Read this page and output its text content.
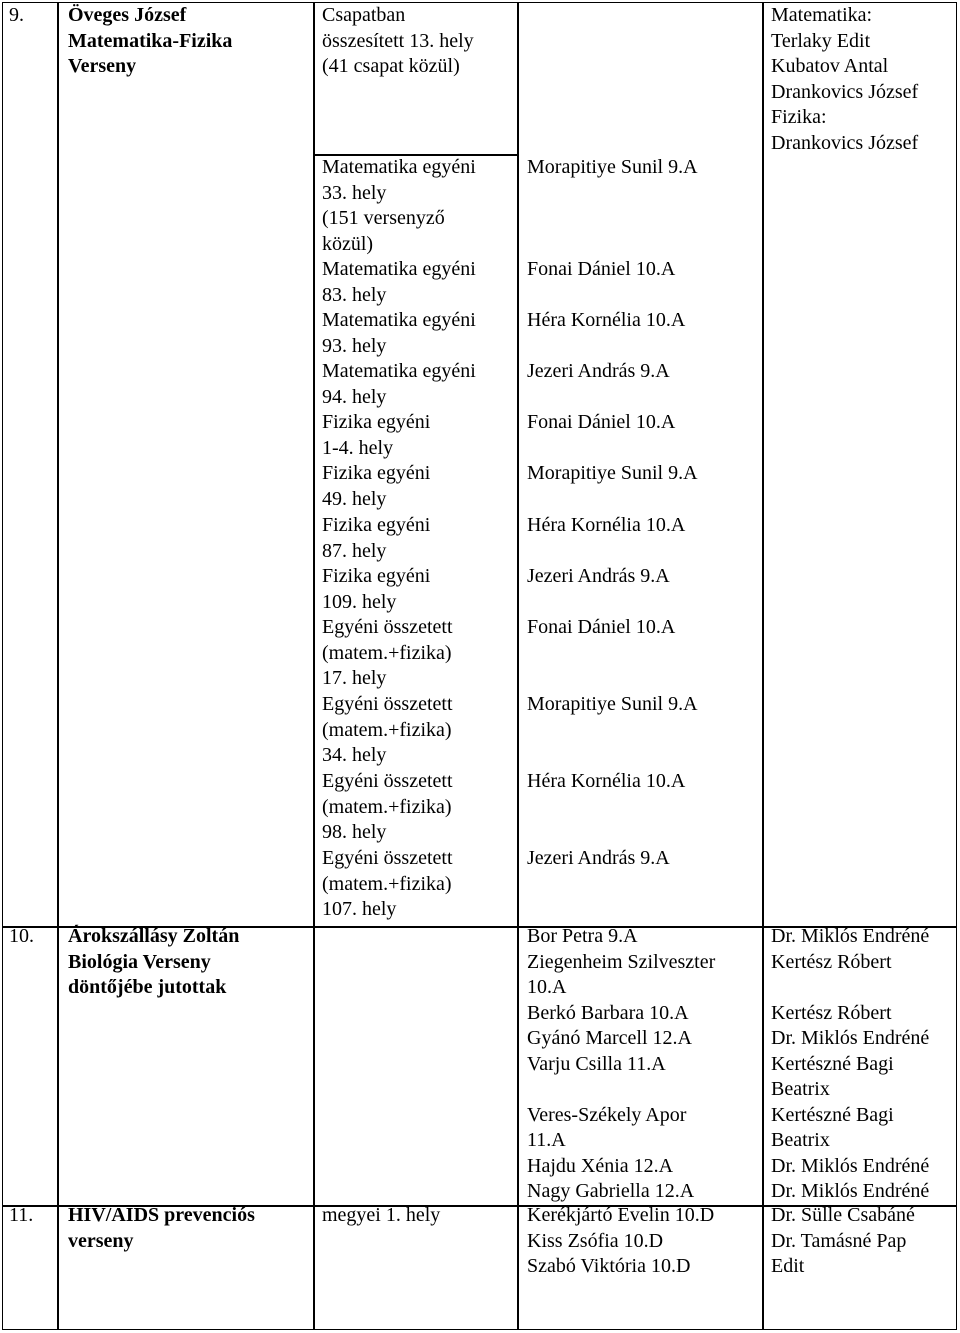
9. Öveges József
Matematika-Fizika
Verseny
Matematika:
Terlaky Edit
Kubatov Antal
Drankovics József
Fizika:
Drankovics József
Csapatban
összesített 13. hely
(41 csapat közül)
Matematika egyéni
33. hely
(151 versenyző
közül)
Morapitiye Sunil 9.A
Matematika egyéni
83. hely
Fonai Dániel 10.A
Matematika egyéni
93. hely
Héra Kornélia 10.A
Matematika egyéni
94. hely
Jezeri András 9.A
Fizika egyéni
1-4. hely
Fonai Dániel 10.A
Fizika egyéni
49. hely
Morapitiye Sunil 9.A
Fizika egyéni
87. hely
Héra Kornélia 10.A
Fizika egyéni
109. hely
Jezeri András 9.A
Egyéni összetett
(matem.+fizika)
17. hely
Fonai Dániel 10.A
Egyéni összetett
(matem.+fizika)
34. hely
Morapitiye Sunil 9.A
Egyéni összetett
(matem.+fizika)
98. hely
Héra Kornélia 10.A
Egyéni összetett
(matem.+fizika)
107. hely
Jezeri András 9.A
10. Árokszállásy Zoltán
Biológia Verseny
döntőjébe jutottak
Bor Petra 9.A
Ziegenheim Szilveszter
10.A
Berkó Barbara 10.A
Gyánó Marcell 12.A
Varju Csilla 11.A
Veres-Székely Apor
11.A
Hajdu Xénia 12.A
Nagy Gabriella 12.A
Dr. Miklós Endréné
Kertész Róbert
Kertész Róbert
Dr. Miklós Endréné
Kertészné Bagi
Beatrix
Kertészné Bagi
Beatrix
Dr. Miklós Endréné
Dr. Miklós Endréné
11. HIV/AIDS prevenciós
verseny
megyei 1. hely	Kerékjártó Evelin 10.D
Kiss Zsófia 10.D
Szabó Viktória 10.D
Dr. Sülle Csabáné
Dr. Tamásné Pap
Edit
